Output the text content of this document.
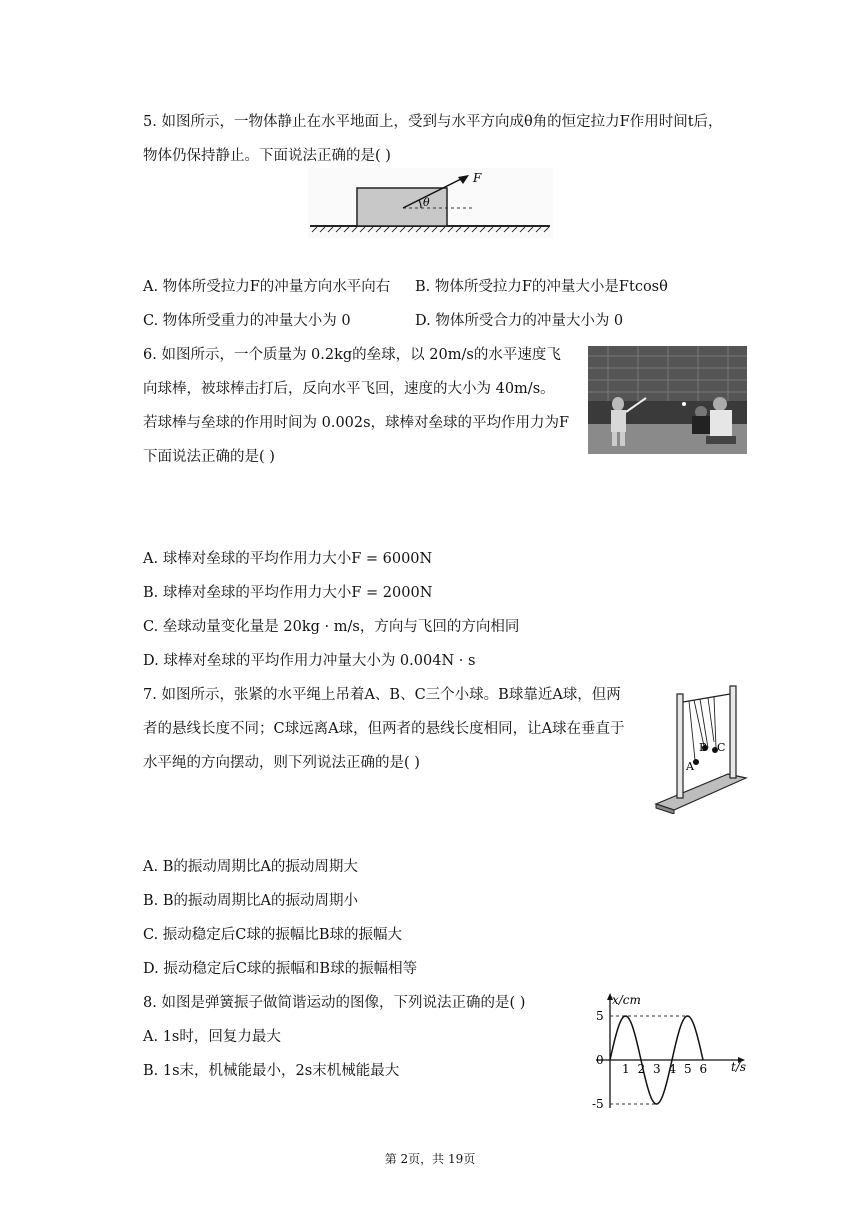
5. 如图所示，一物体静止在水平地面上，受到与水平方向成θ角的恒定拉力F作用时间t后，
物体仍保持静止。下面说法正确的是( )
F
θ
A. 物体所受拉力F的冲量方向水平向右 B. 物体所受拉力F的冲量大小是Ftcosθ
C. 物体所受重力的冲量大小为 0	D. 物体所受合力的冲量大小为 0
6. 如图所示，一个质量为 0.2kg的垒球，以 20m/s的水平速度飞
向球棒，被球棒击打后，反向水平飞回，速度的大小为 40m/s。
若球棒与垒球的作用时间为 0.002s，球棒对垒球的平均作用力为F
下面说法正确的是( )
A. 球棒对垒球的平均作用力大小F = 6000N
B. 球棒对垒球的平均作用力大小F = 2000N
C. 垒球动量变化量是 20kg · m/s，方向与飞回的方向相同
D. 球棒对垒球的平均作用力冲量大小为 0.004N · s
7. 如图所示，张紧的水平绳上吊着A、B、C三个小球。B球靠近A球，但两
者的悬线长度不同；C球远离A球，但两者的悬线长度相同，让A球在垂直于
水平绳的方向摆动，则下列说法正确的是( )	A
B C
A. B的振动周期比A的振动周期大
B. B的振动周期比A的振动周期小
C. 振动稳定后C球的振幅比B球的振幅大
D. 振动稳定后C球的振幅和B球的振幅相等
8. 如图是弹簧振子做简谐运动的图像，下列说法正确的是( )
A. 1s时，回复力最大
B. 1s末，机械能最小，2s末机械能最大	1 2 3 4 5 6
5
0
-5
x/cm
t/s
第 2页，共 19页
